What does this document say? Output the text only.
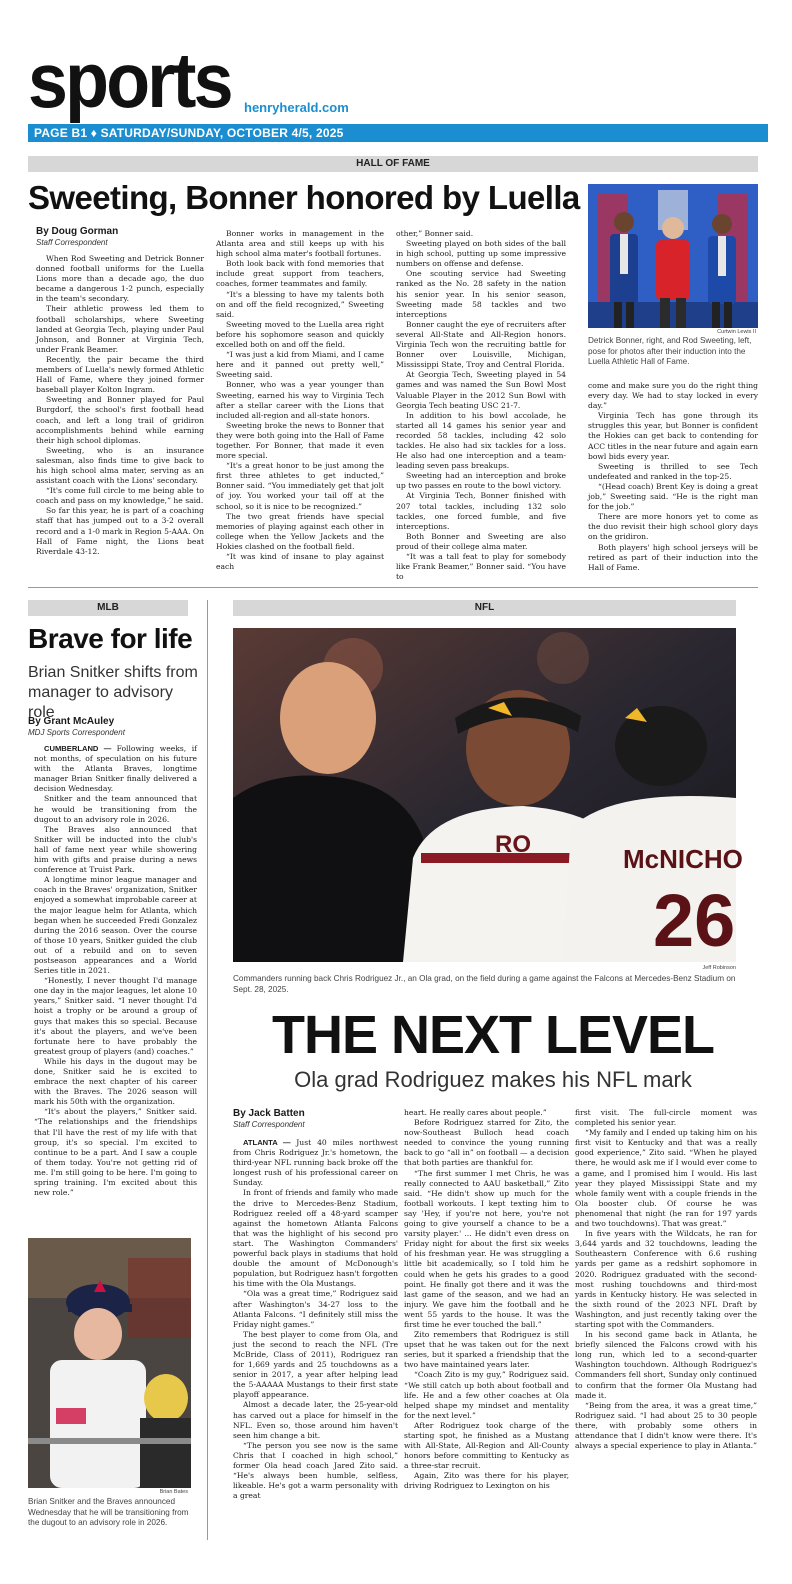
sports henryherald.com
PAGE B1 ♦ SATURDAY/SUNDAY, OCTOBER 4/5, 2025
HALL OF FAME
Sweeting, Bonner honored by Luella
By Doug Gorman
Staff Correspondent

When Rod Sweeting and Detrick Bonner donned football uniforms for the Luella Lions more than a decade ago, the duo became a dangerous 1-2 punch, especially in the team's secondary.

Their athletic prowess led them to football scholarships, where Sweeting landed at Georgia Tech, playing under Paul Johnson, and Bonner at Virginia Tech, under Frank Beamer.

Recently, the pair became the third members of Luella's newly formed Athletic Hall of Fame, where they joined former baseball player Kolton Ingram.

Sweeting and Bonner played for Paul Burgdorf, the school's first football head coach, and left a long trail of gridiron accomplishments behind while earning their high school diplomas.

Sweeting, who is an insurance salesman, also finds time to give back to his high school alma mater, serving as an assistant coach with the Lions' secondary.

“It's come full circle to me being able to coach and pass on my knowledge,” he said.

So far this year, he is part of a coaching staff that has jumped out to a 3-2 overall record and a 1-0 mark in Region 5-AAA. On Hall of Fame night, the Lions beat Riverdale 43-12.

Bonner works in management in the Atlanta area and still keeps up with his high school alma mater's football fortunes.

Both look back with fond memories that include great support from teachers, coaches, former teammates and family.

“It's a blessing to have my talents both on and off the field recognized,” Sweeting said.

Sweeting moved to the Luella area right before his sophomore season and quickly excelled both on and off the field.

“I was just a kid from Miami, and I came here and it panned out pretty well,” Sweeting said.

Bonner, who was a year younger than Sweeting, earned his way to Virginia Tech after a stellar career with the Lions that included all-region and all-state honors.

Sweeting broke the news to Bonner that they were both going into the Hall of Fame together. For Bonner, that made it even more special.

“It's a great honor to be just among the first three athletes to get inducted,” Bonner said. “You immediately get that jolt of joy. You worked your tail off at the school, so it is nice to be recognized.”

The two great friends have special memories of playing against each other in college when the Yellow Jackets and the Hokies clashed on the football field.

“It was kind of insane to play against each

other,” Bonner said.

Sweeting played on both sides of the ball in high school, putting up some impressive numbers on offense and defense.

One scouting service had Sweeting ranked as the No. 28 safety in the nation his senior year. In his senior season, Sweeting made 58 tackles and two interceptions

Bonner caught the eye of recruiters after several All-State and All-Region honors. Virginia Tech won the recruiting battle for Bonner over Louisville, Michigan, Mississippi State, Troy and Central Florida.

At Georgia Tech, Sweeting played in 54 games and was named the Sun Bowl Most Valuable Player in the 2012 Sun Bowl with Georgia Tech beating USC 21-7.

In addition to his bowl accolade, he started all 14 games his senior year and recorded 58 tackles, including 42 solo tackles. He also had six tackles for a loss. He also had one interception and a team-leading seven pass breakups.

Sweeting had an interception and broke up two passes en route to the bowl victory.

At Virginia Tech, Bonner finished with 207 total tackles, including 132 solo tackles, one forced fumble, and five interceptions.

Both Bonner and Sweeting are also proud of their college alma mater.

“It was a tall feat to play for somebody like Frank Beamer,” Bonner said. “You have to

Curtwin Lewis II
Detrick Bonner, right, and Rod Sweeting, left, pose for photos after their induction into the Luella Athletic Hall of Fame.

come and make sure you do the right thing every day. We had to stay locked in every day.”

Virginia Tech has gone through its struggles this year, but Bonner is confident the Hokies can get back to contending for ACC titles in the near future and again earn bowl bids every year.

Sweeting is thrilled to see Tech undefeated and ranked in the top-25.

“(Head coach) Brent Key is doing a great job,” Sweeting said. “He is the right man for the job.”

There are more honors yet to come as the duo revisit their high school glory days on the gridiron.

Both players' high school jerseys will be retired as part of their induction into the Hall of Fame.

MLB
Brave for life
Brian Snitker shifts from manager to advisory role
By Grant McAuley
MDJ Sports Correspondent

CUMBERLAND — Following weeks, if not months, of speculation on his future with the Atlanta Braves, longtime manager Brian Snitker finally delivered a decision Wednesday.

Snitker and the team announced that he would be transitioning from the dugout to an advisory role in 2026.

The Braves also announced that Snitker will be inducted into the club's hall of fame next year while showering him with gifts and praise during a news conference at Truist Park.

A longtime minor league manager and coach in the Braves' organization, Snitker enjoyed a somewhat improbable career at the major league helm for Atlanta, which began when he succeeded Fredi Gonzalez during the 2016 season. Over the course of those 10 years, Snitker guided the club out of a rebuild and on to seven postseason appearances and a World Series title in 2021.

“Honestly, I never thought I'd manage one day in the major leagues, let alone 10 years,” Snitker said. “I never thought I'd hoist a trophy or be around a group of guys that makes this so special. Because it's about the players, and we've been fortunate here to have probably the greatest group of players (and) coaches.”

While his days in the dugout may be done, Snitker said he is excited to embrace the next chapter of his career with the Braves. The 2026 season will mark his 50th with the organization.

“It's about the players,” Snitker said. “The relationships and the friendships that I'll have the rest of my life with that group, it's so special. I'm excited to continue to be a part. And I saw a couple of them today. You're not getting rid of me. I'm still going to be here. I'm going to spring training. I'm excited about this new role.”

Brian Bates
Brian Snitker and the Braves announced Wednesday that he will be transitioning from the dugout to an advisory role in 2026.
NFL
RO	McNICHO
26
Jeff Robinson
Commanders running back Chris Rodriguez Jr., an Ola grad, on the field during a game against the Falcons at Mercedes-Benz Stadium on Sept. 28, 2025.
THE NEXT LEVEL
Ola grad Rodriguez makes his NFL mark
By Jack Batten
Staff Correspondent

ATLANTA — Just 40 miles northwest from Chris Rodriguez Jr.'s hometown, the third-year NFL running back broke off the longest rush of his professional career on Sunday.

In front of friends and family who made the drive to Mercedes-Benz Stadium, Rodriguez reeled off a 48-yard scamper against the hometown Atlanta Falcons that was the highlight of his second pro start. The Washington Commanders' powerful back plays in stadiums that hold double the amount of McDonough's population, but Rodriguez hasn't forgotten his time with the Ola Mustangs.

“Ola was a great time,” Rodriguez said after Washington's 34-27 loss to the Atlanta Falcons. “I definitely still miss the Friday night games.”

The best player to come from Ola, and just the second to reach the NFL (Tre McBride, Class of 2011), Rodriguez ran for 1,669 yards and 25 touchdowns as a senior in 2017, a year after helping lead the 5-AAAAA Mustangs to their first state playoff appearance.

Almost a decade later, the 25-year-old has carved out a place for himself in the NFL. Even so, those around him haven't seen him change a bit.

“The person you see now is the same Chris that I coached in high school,” former Ola head coach Jared Zito said. “He's always been humble, selfless, likeable. He's got a warm personality with a great

heart. He really cares about people.”

Before Rodriguez starred for Zito, the now-Southeast Bulloch head coach needed to convince the young running back to go “all in” on football — a decision that both parties are thankful for.

“The first summer I met Chris, he was really connected to AAU basketball,” Zito said. “He didn't show up much for the football workouts. I kept texting him to say 'Hey, if you're not here, you're not going to give yourself a chance to be a varsity player.' ... He didn't even dress on Friday night for about the first six weeks of his freshman year. He was struggling a little bit academically, so I told him he could when he gets his grades to a good point. He finally got there and it was the last game of the season, and we had an injury. We gave him the football and he went 55 yards to the house. It was the first time he ever touched the ball.”

Zito remembers that Rodriguez is still upset that he was taken out for the next series, but it sparked a friendship that the two have maintained years later.

“Coach Zito is my guy,” Rodriguez said. “We still catch up both about football and life. He and a few other coaches at Ola helped shape my mindset and mentality for the next level.”

After Rodriguez took charge of the starting spot, he finished as a Mustang with All-State, All-Region and All-County honors before committing to Kentucky as a three-star recruit.

Again, Zito was there for his player, driving Rodriguez to Lexington on his

first visit. The full-circle moment was completed his senior year.

“My family and I ended up taking him on his first visit to Kentucky and that was a really good experience,” Zito said. “When he played there, he would ask me if I would ever come to a game, and I promised him I would. His last year they played Mississippi State and my whole family went with a couple friends in the Ola booster club. Of course he was phenomenal that night (he ran for 197 yards and two touchdowns). That was great.”

In five years with the Wildcats, he ran for 3,644 yards and 32 touchdowns, leading the Southeastern Conference with 6.6 rushing yards per game as a redshirt sophomore in 2020. Rodriguez graduated with the second-most rushing touchdowns and third-most yards in Kentucky history. He was selected in the sixth round of the 2023 NFL Draft by Washington, and just recently taking over the starting spot with the Commanders.

In his second game back in Atlanta, he briefly silenced the Falcons crowd with his long run, which led to a second-quarter Washington touchdown. Although Rodriguez's Commanders fell short, Sunday only continued to confirm that the former Ola Mustang had made it.

“Being from the area, it was a great time,” Rodriguez said. “I had about 25 to 30 people there, with probably some others in attendance that I didn't know were there. It's always a special experience to play in Atlanta.”
